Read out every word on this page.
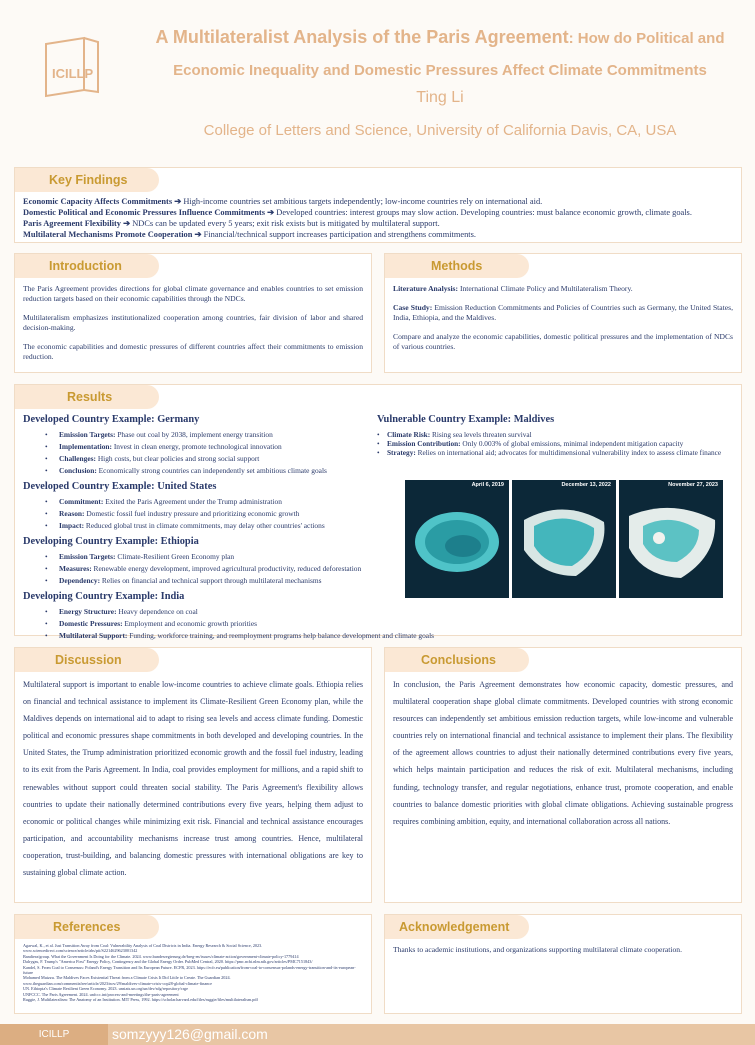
ICILLP
A Multilateralist Analysis of the Paris Agreement: How do Political and
Economic Inequality and Domestic Pressures Affect Climate Commitments
Ting Li
College of Letters and Science, University of California Davis, CA, USA
Key Findings
Economic Capacity Affects Commitments ➔ High-income countries set ambitious targets independently; low-income countries rely on international aid.
Domestic Political and Economic Pressures Influence Commitments ➔ Developed countries: interest groups may slow action. Developing countries: must balance economic growth, climate goals.
Paris Agreement Flexibility ➔ NDCs can be updated every 5 years; exit risk exists but is mitigated by multilateral support.
Multilateral Mechanisms Promote Cooperation ➔ Financial/technical support increases participation and strengthens commitments.
Introduction

The Paris Agreement provides directions for global climate governance and enables countries to set emission reduction targets based on their economic capabilities through the NDCs.

Multilateralism emphasizes institutionalized cooperation among countries, fair division of labor and shared decision-making.

The economic capabilities and domestic pressures of different countries affect their commitments to emission reduction.

Methods

Literature Analysis: International Climate Policy and Multilateralism Theory.

Case Study: Emission Reduction Commitments and Policies of Countries such as Germany, the United States, India, Ethiopia, and the Maldives.

Compare and analyze the economic capabilities, domestic political pressures and the implementation of NDCs of various countries.

Results
Developed Country Example: Germany
• Emission Targets: Phase out coal by 2038, implement energy transition
• Implementation: Invest in clean energy, promote technological innovation
• Challenges: High costs, but clear policies and strong social support
• Conclusion: Economically strong countries can independently set ambitious climate goals
Developed Country Example: United States
• Commitment: Exited the Paris Agreement under the Trump administration
• Reason: Domestic fossil fuel industry pressure and prioritizing economic growth
• Impact: Reduced global trust in climate commitments, may delay other countries' actions
Developing Country Example: Ethiopia
• Emission Targets: Climate-Resilient Green Economy plan
• Measures: Renewable energy development, improved agricultural productivity, reduced deforestation
• Dependency: Relies on financial and technical support through multilateral mechanisms
Developing Country Example: India
• Energy Structure: Heavy dependence on coal
• Domestic Pressures: Employment and economic growth priorities
• Multilateral Support: Funding, workforce training, and reemployment programs help balance development and climate goals
Vulnerable Country Example: Maldives
• Climate Risk: Rising sea levels threaten survival
• Emission Contribution: Only 0.003% of global emissions, minimal independent mitigation capacity
• Strategy: Relies on international aid; advocates for multidimensional vulnerability index to assess climate finance
April 6, 2019	December 13, 2022	November 27, 2023
Discussion

Multilateral support is important to enable low-income countries to achieve climate goals. Ethiopia relies on financial and technical assistance to implement its Climate-Resilient Green Economy plan, while the Maldives depends on international aid to adapt to rising sea levels and access climate funding. Domestic political and economic pressures shape commitments in both developed and developing countries. In the United States, the Trump administration prioritized economic growth and the fossil fuel industry, leading to its exit from the Paris Agreement. In India, coal provides employment for millions, and a rapid shift to renewables without support could threaten social stability. The Paris Agreement's flexibility allows countries to update their nationally determined contributions every five years, helping them adjust to economic or political changes while minimizing exit risk. Financial and technical assistance encourages participation, and accountability mechanisms increase trust among countries. Hence, multilateral cooperation, trust-building, and balancing domestic pressures with international obligations are key to sustaining global climate action.

Conclusions

In conclusion, the Paris Agreement demonstrates how economic capacity, domestic pressures, and multilateral cooperation shape global climate commitments. Developed countries with strong economic resources can independently set ambitious emission reduction targets, while low-income and vulnerable countries rely on international financial and technical assistance to implement their plans. The flexibility of the agreement allows countries to adjust their nationally determined contributions every five years, which helps maintain participation and reduces the risk of exit. Multilateral mechanisms, including funding, technology transfer, and regular negotiations, enhance trust, promote cooperation, and enable countries to balance domestic priorities with global climate obligations. Achieving sustainable progress requires combining ambition, equity, and international collaboration across all nations.

References
Agarwal, K., et al. Just Transition Away from Coal: Vulnerability Analysis of Coal Districts in India. Energy Research & Social Science, 2023.
www.sciencedirect.com/science/article/abs/pii/S2214629623001342
Bandiera/group. What the Government Is Doing for the Climate. 2024. www.bundesregierung.de/breg-en/issues/climate-action/government-climate-policy-1779414
Dalrygas, F. Trump's "America First" Energy Policy, Contingency and the Global Energy Order. PubMed Central, 2020. https://pmc.ncbi.nlm.nih.gov/articles/PMC7151843/
Kandel, S. From Coal to Consensus: Poland's Energy Transition and Its European Future. ECFR, 2023. https://ecfr.eu/publication/from-coal-to-consensus-polands-energy-transition-and-its-european-future
Mohamed Muizzu. The Maldives Faces Existential Threat from a Climate Crisis It Did Little to Create. The Guardian 2024.
www.theguardian.com/commentisfree/article/2023/nov/29/maldives-climate-crisis-cop28-global-climate-finance
UN. Ethiopia's Climate Resilient Green Economy. 2023. unstats.un.org/un/dev/sdg/repository/crge
UNFCCC. The Paris Agreement. 2024. unfccc.int/process-and-meetings/the-paris-agreement
Ruggie, J. Multilateralism: The Anatomy of an Institution. MIT Press, 1992. https://scholar.harvard.edu/files/ruggie/files/multilateralism.pdf
Acknowledgement

Thanks to academic institutions, and organizations supporting multilateral climate cooperation.

ICILLP	somzyyy126@gmail.com
